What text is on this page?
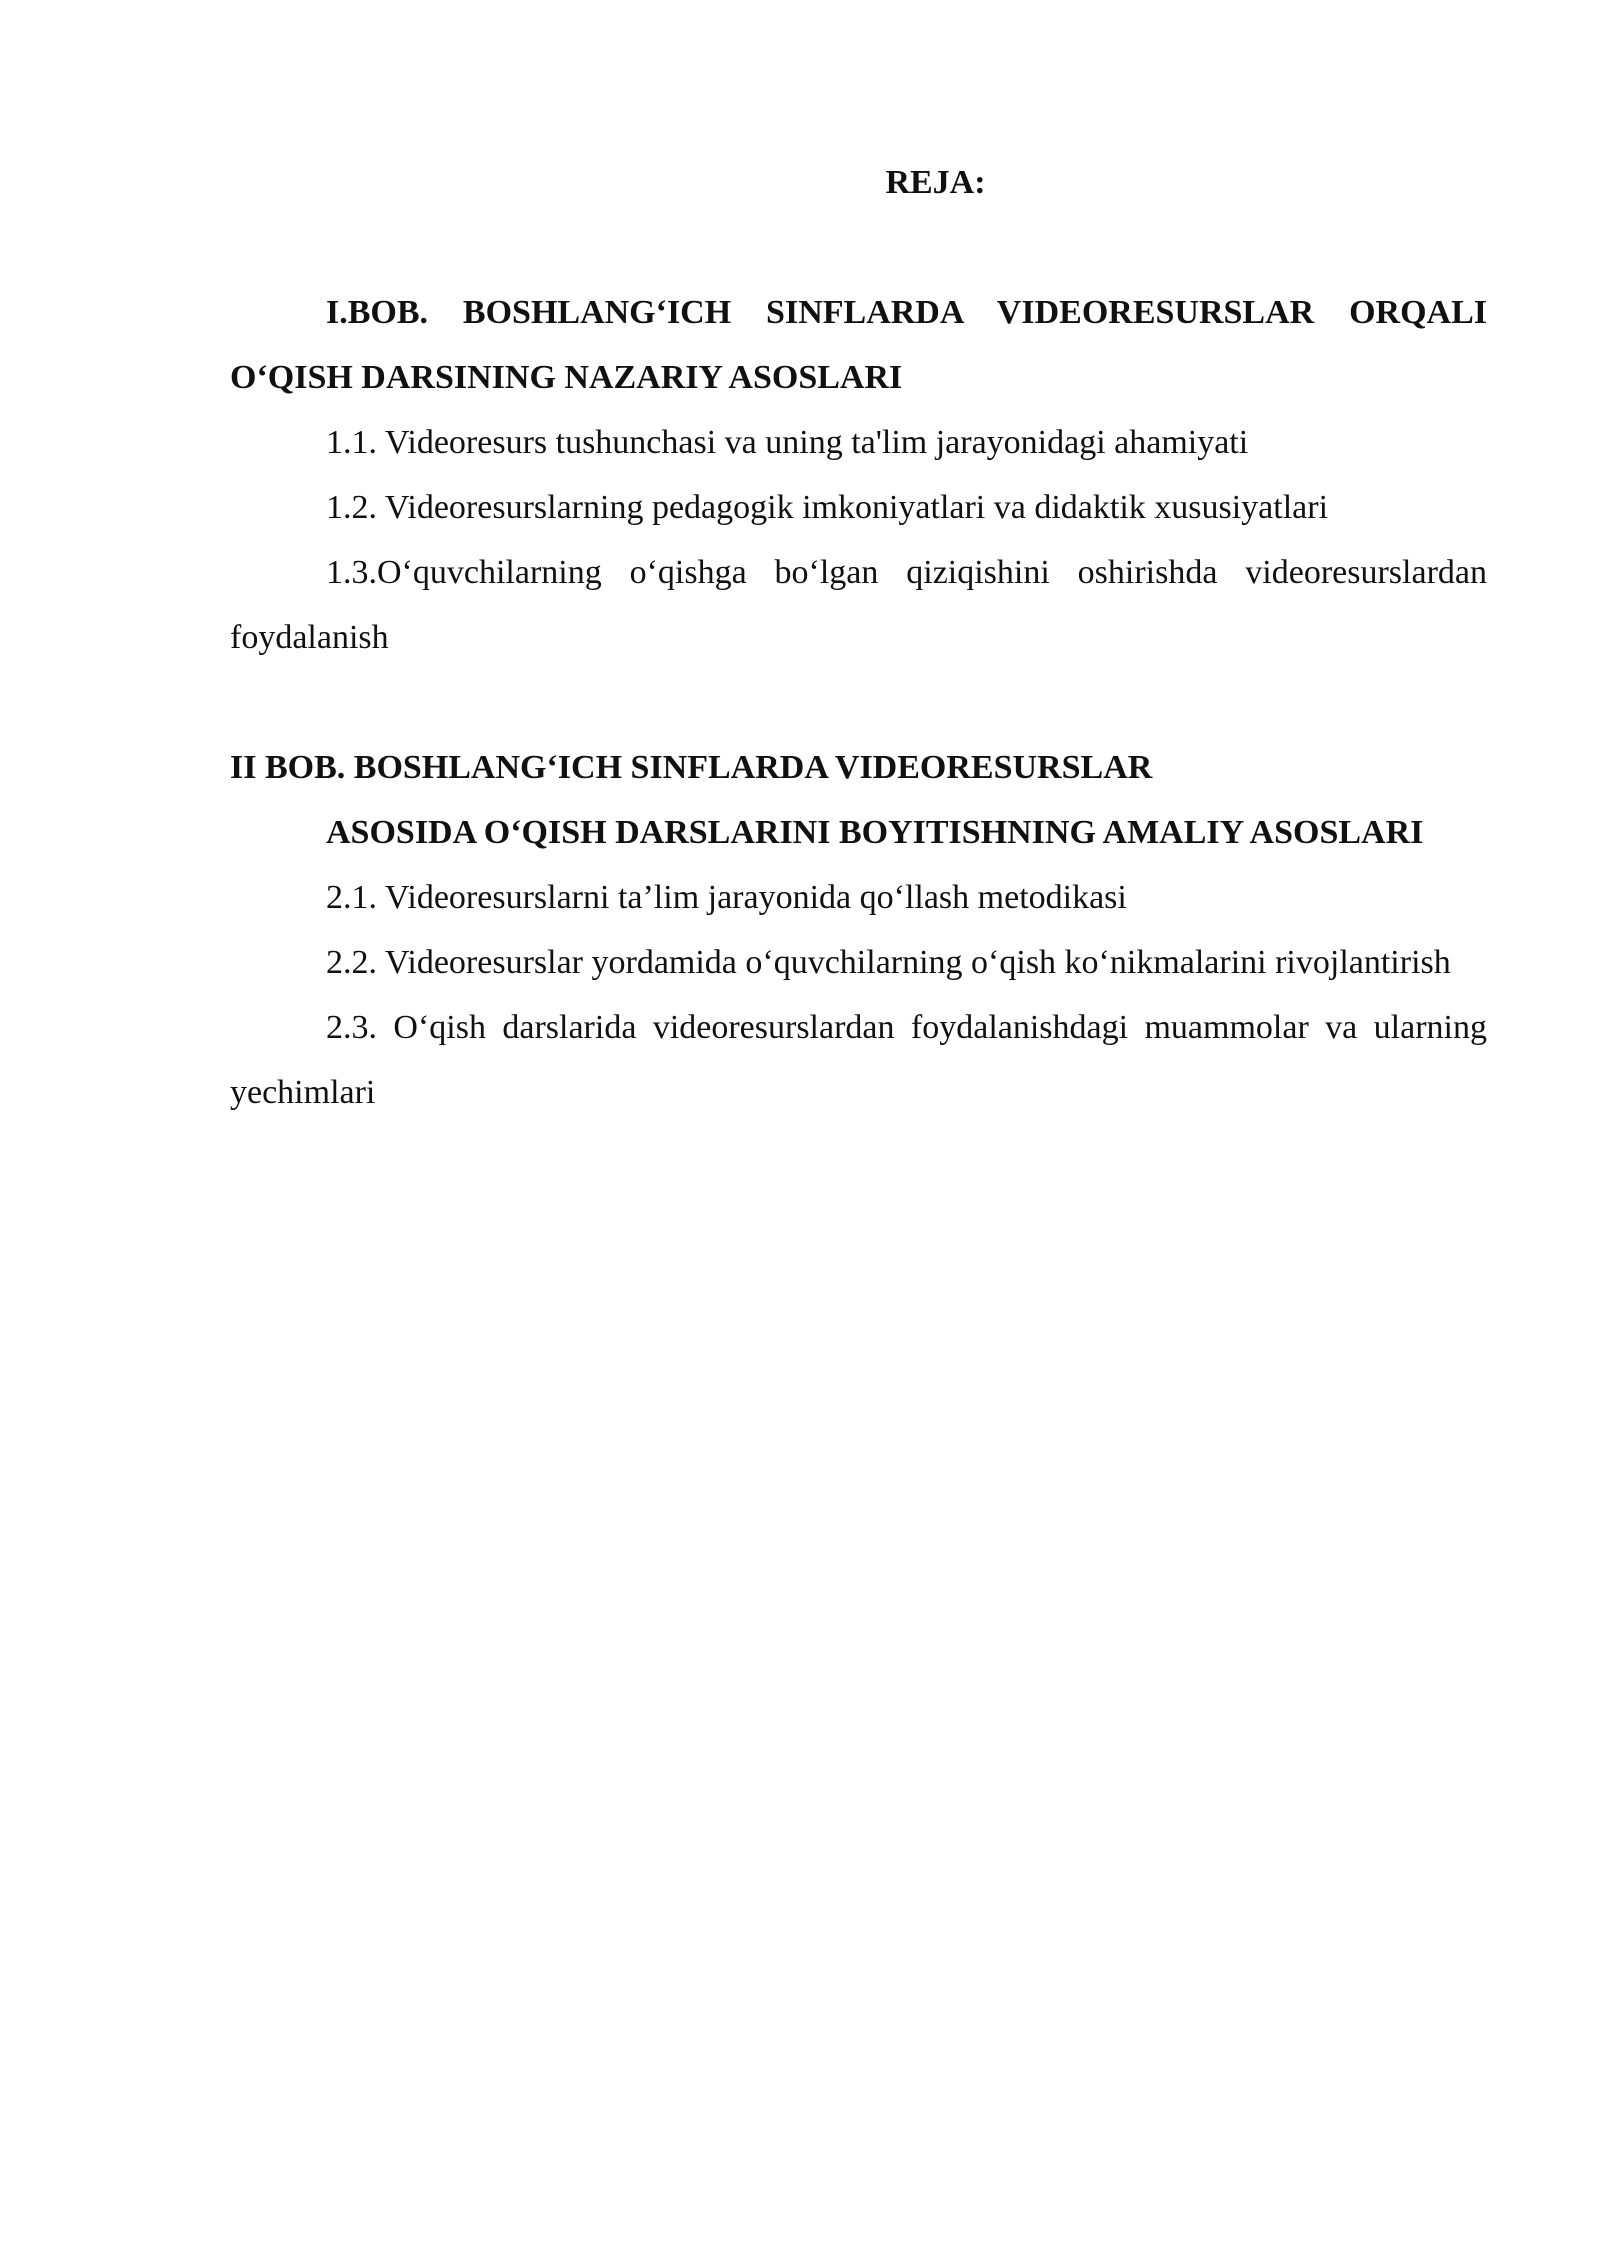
REJA:

I.BOB. BOSHLANG‘ICH SINFLARDA VIDEORESURSLAR ORQALI O‘QISH DARSINING NAZARIY ASOSLARI

1.1. Videoresurs tushunchasi va uning ta'lim jarayonidagi ahamiyati

1.2. Videoresurslarning pedagogik imkoniyatlari va didaktik xususiyatlari

1.3.O‘quvchilarning o‘qishga bo‘lgan qiziqishini oshirishda videoresurslardan foydalanish

II BOB. BOSHLANG‘ICH SINFLARDA VIDEORESURSLAR

ASOSIDA O‘QISH DARSLARINI BOYITISHNING AMALIY ASOSLARI

2.1. Videoresurslarni ta’lim jarayonida qo‘llash metodikasi

2.2. Videoresurslar yordamida o‘quvchilarning o‘qish ko‘nikmalarini rivojlantirish

2.3. O‘qish darslarida videoresurslardan foydalanishdagi muammolar va ularning yechimlari
